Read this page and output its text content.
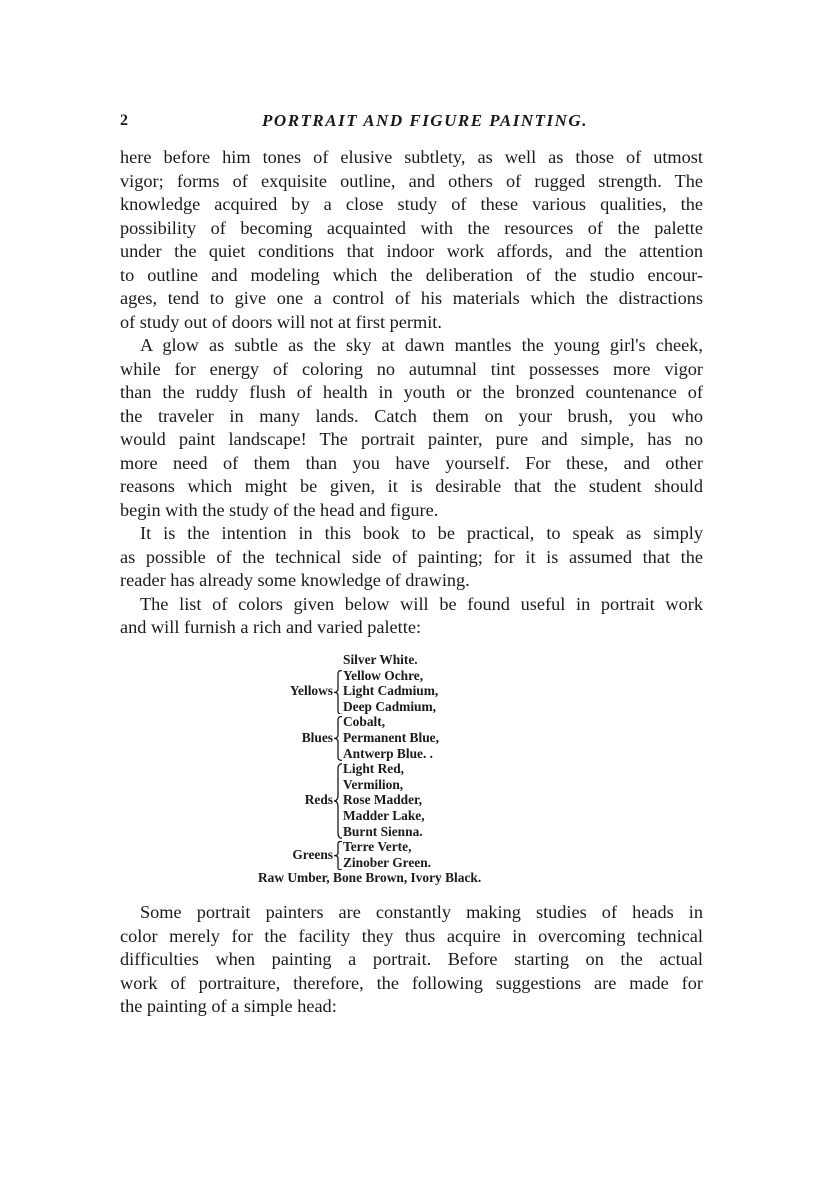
2	PORTRAIT AND FIGURE PAINTING.
here before him tones of elusive subtlety, as well as those of utmost
vigor; forms of exquisite outline, and others of rugged strength. The
knowledge acquired by a close study of these various qualities, the
possibility of becoming acquainted with the resources of the palette
under the quiet conditions that indoor work affords, and the attention
to outline and modeling which the deliberation of the studio encour-
ages, tend to give one a control of his materials which the distractions
of study out of doors will not at first permit.
A glow as subtle as the sky at dawn mantles the young girl's cheek,
while for energy of coloring no autumnal tint possesses more vigor
than the ruddy flush of health in youth or the bronzed countenance of
the traveler in many lands. Catch them on your brush, you who
would paint landscape! The portrait painter, pure and simple, has no
more need of them than you have yourself. For these, and other
reasons which might be given, it is desirable that the student should
begin with the study of the head and figure.
It is the intention in this book to be practical, to speak as simply
as possible of the technical side of painting; for it is assumed that the
reader has already some knowledge of drawing.
The list of colors given below will be found useful in portrait work
and will furnish a rich and varied palette:
Silver White.
Yellow Ochre,
Light Cadmium,
Deep Cadmium,
Yellows
Cobalt,
Permanent Blue,
Antwerp Blue. .
Blues
Light Red,
Vermilion,
Rose Madder,
Madder Lake,
Burnt Sienna.
Reds
Terre Verte,
Zinober Green.
Greens
Raw Umber, Bone Brown, Ivory Black.
Some portrait painters are constantly making studies of heads in
color merely for the facility they thus acquire in overcoming technical
difficulties when painting a portrait. Before starting on the actual
work of portraiture, therefore, the following suggestions are made for
the painting of a simple head:
